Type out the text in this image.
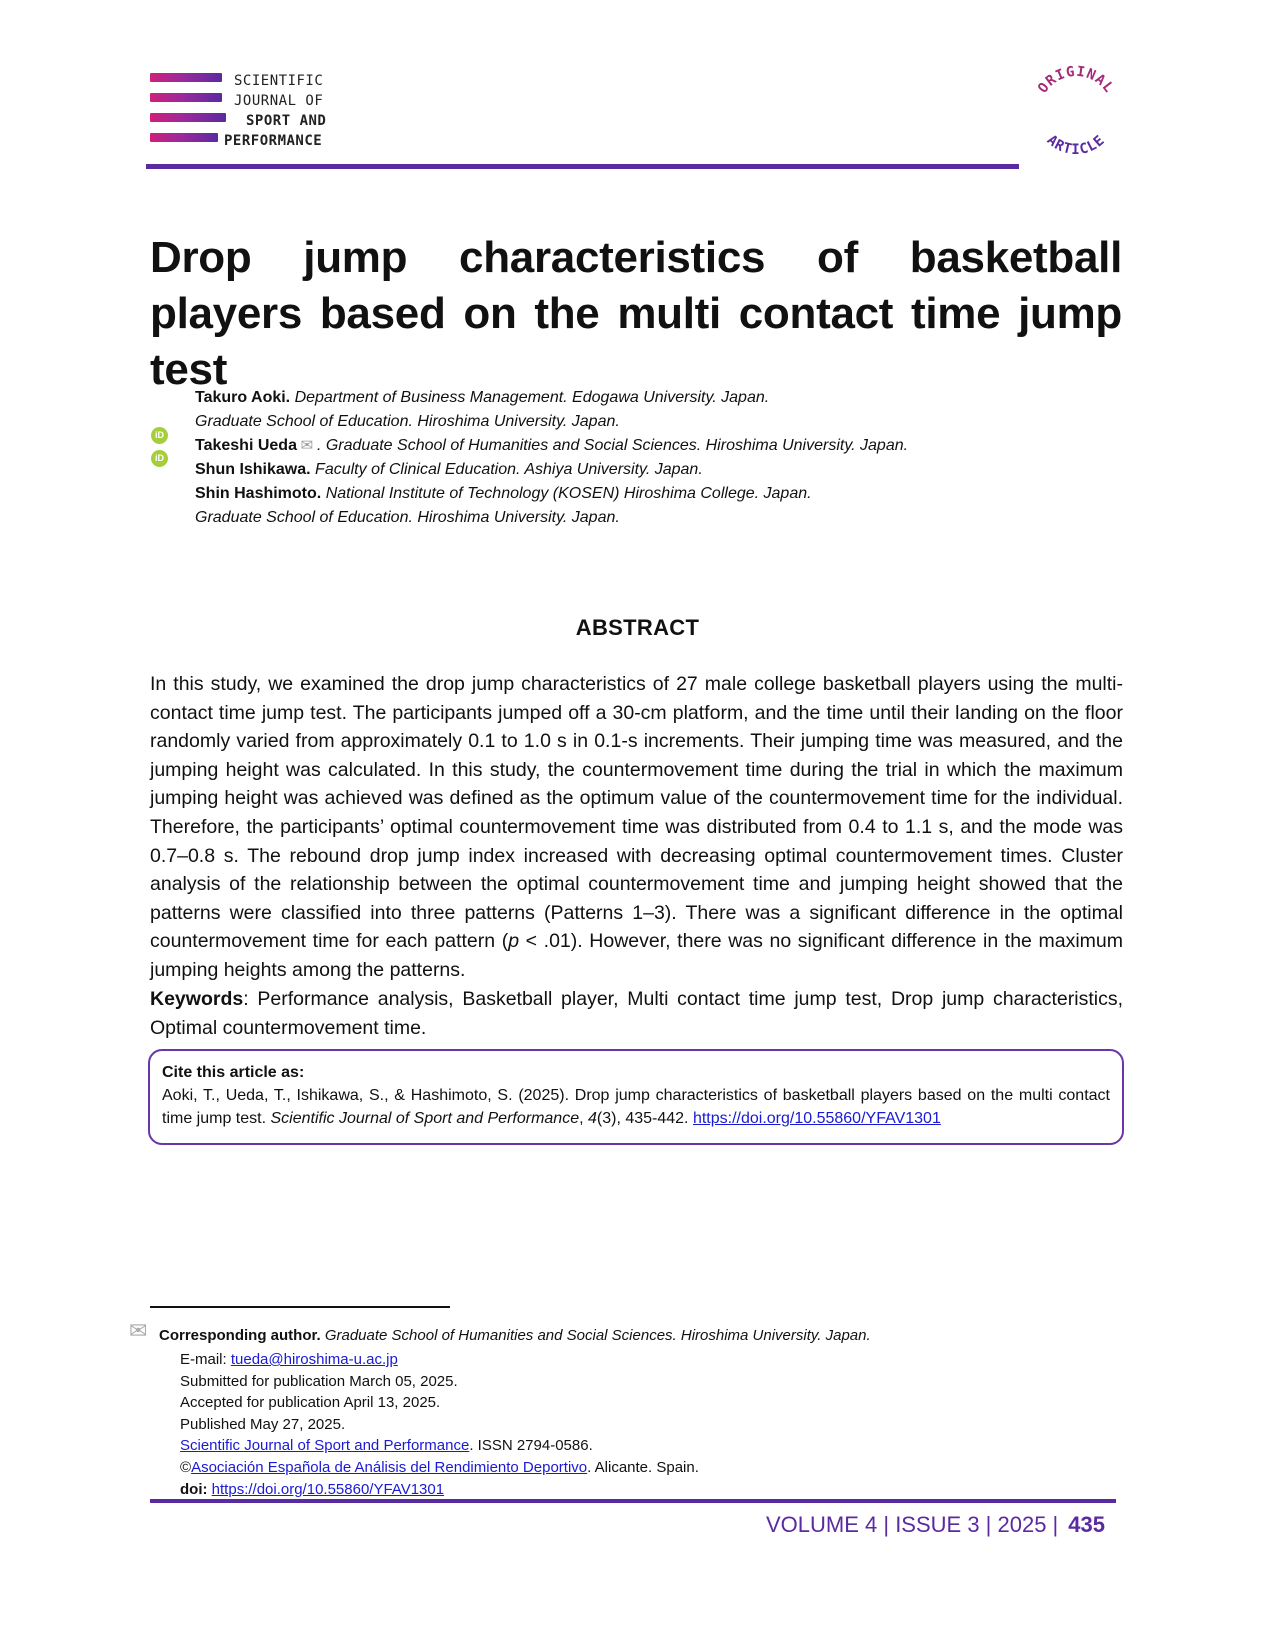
SCIENTIFIC
JOURNAL OF
SPORT AND
PERFORMANCE
ORIGINAL
ARTICLE
Drop jump characteristics of basketball players based on the multi contact time jump test
iD
iD
Takuro Aoki. Department of Business Management. Edogawa University. Japan.
Graduate School of Education. Hiroshima University. Japan.
Takeshi Ueda ✉ . Graduate School of Humanities and Social Sciences. Hiroshima University. Japan.
Shun Ishikawa. Faculty of Clinical Education. Ashiya University. Japan.
Shin Hashimoto. National Institute of Technology (KOSEN) Hiroshima College. Japan.
Graduate School of Education. Hiroshima University. Japan.
ABSTRACT
In this study, we examined the drop jump characteristics of 27 male college basketball players using the multi-contact time jump test. The participants jumped off a 30-cm platform, and the time until their landing on the floor randomly varied from approximately 0.1 to 1.0 s in 0.1-s increments. Their jumping time was measured, and the jumping height was calculated. In this study, the countermovement time during the trial in which the maximum jumping height was achieved was defined as the optimum value of the countermovement time for the individual. Therefore, the participants’ optimal countermovement time was distributed from 0.4 to 1.1 s, and the mode was 0.7–0.8 s. The rebound drop jump index increased with decreasing optimal countermovement times. Cluster analysis of the relationship between the optimal countermovement time and jumping height showed that the patterns were classified into three patterns (Patterns 1–3). There was a significant difference in the optimal countermovement time for each pattern (p < .01). However, there was no significant difference in the maximum jumping heights among the patterns.
Keywords: Performance analysis, Basketball player, Multi contact time jump test, Drop jump characteristics, Optimal countermovement time.
Cite this article as:
Aoki, T., Ueda, T., Ishikawa, S., & Hashimoto, S. (2025). Drop jump characteristics of basketball players based on the multi contact time jump test. Scientific Journal of Sport and Performance, 4(3), 435-442. https://doi.org/10.55860/YFAV1301
✉ Corresponding author. Graduate School of Humanities and Social Sciences. Hiroshima University. Japan.
E-mail: tueda@hiroshima-u.ac.jp
Submitted for publication March 05, 2025.
Accepted for publication April 13, 2025.
Published May 27, 2025.
Scientific Journal of Sport and Performance. ISSN 2794-0586.
©Asociación Española de Análisis del Rendimiento Deportivo. Alicante. Spain.
doi: https://doi.org/10.55860/YFAV1301
VOLUME 4 | ISSUE 3 | 2025 | 435
